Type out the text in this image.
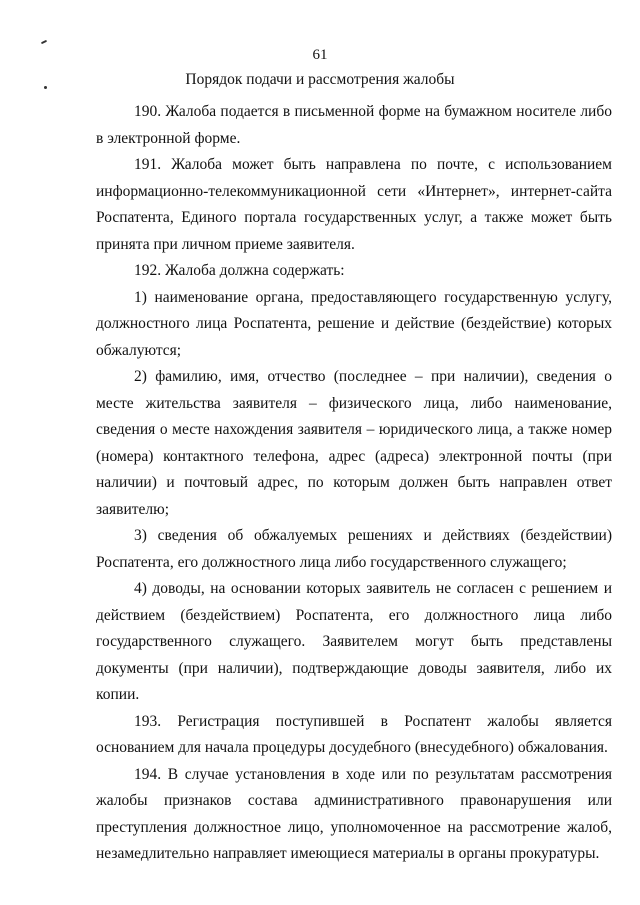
61
Порядок подачи и рассмотрения жалобы

190. Жалоба подается в письменной форме на бумажном носителе либо в электронной форме.

191. Жалоба может быть направлена по почте, с использованием информационно-телекоммуникационной сети «Интернет», интернет-сайта Роспатента, Единого портала государственных услуг, а также может быть принята при личном приеме заявителя.

192. Жалоба должна содержать:

1) наименование органа, предоставляющего государственную услугу, должностного лица Роспатента, решение и действие (бездействие) которых обжалуются;

2) фамилию, имя, отчество (последнее – при наличии), сведения о месте жительства заявителя – физического лица, либо наименование, сведения о месте нахождения заявителя – юридического лица, а также номер (номера) контактного телефона, адрес (адреса) электронной почты (при наличии) и почтовый адрес, по которым должен быть направлен ответ заявителю;

3) сведения об обжалуемых решениях и действиях (бездействии) Роспатента, его должностного лица либо государственного служащего;

4) доводы, на основании которых заявитель не согласен с решением и действием (бездействием) Роспатента, его должностного лица либо государственного служащего. Заявителем могут быть представлены документы (при наличии), подтверждающие доводы заявителя, либо их копии.

193. Регистрация поступившей в Роспатент жалобы является основанием для начала процедуры досудебного (внесудебного) обжалования.

194. В случае установления в ходе или по результатам рассмотрения жалобы признаков состава административного правонарушения или преступления должностное лицо, уполномоченное на рассмотрение жалоб, незамедлительно направляет имеющиеся материалы в органы прокуратуры.
